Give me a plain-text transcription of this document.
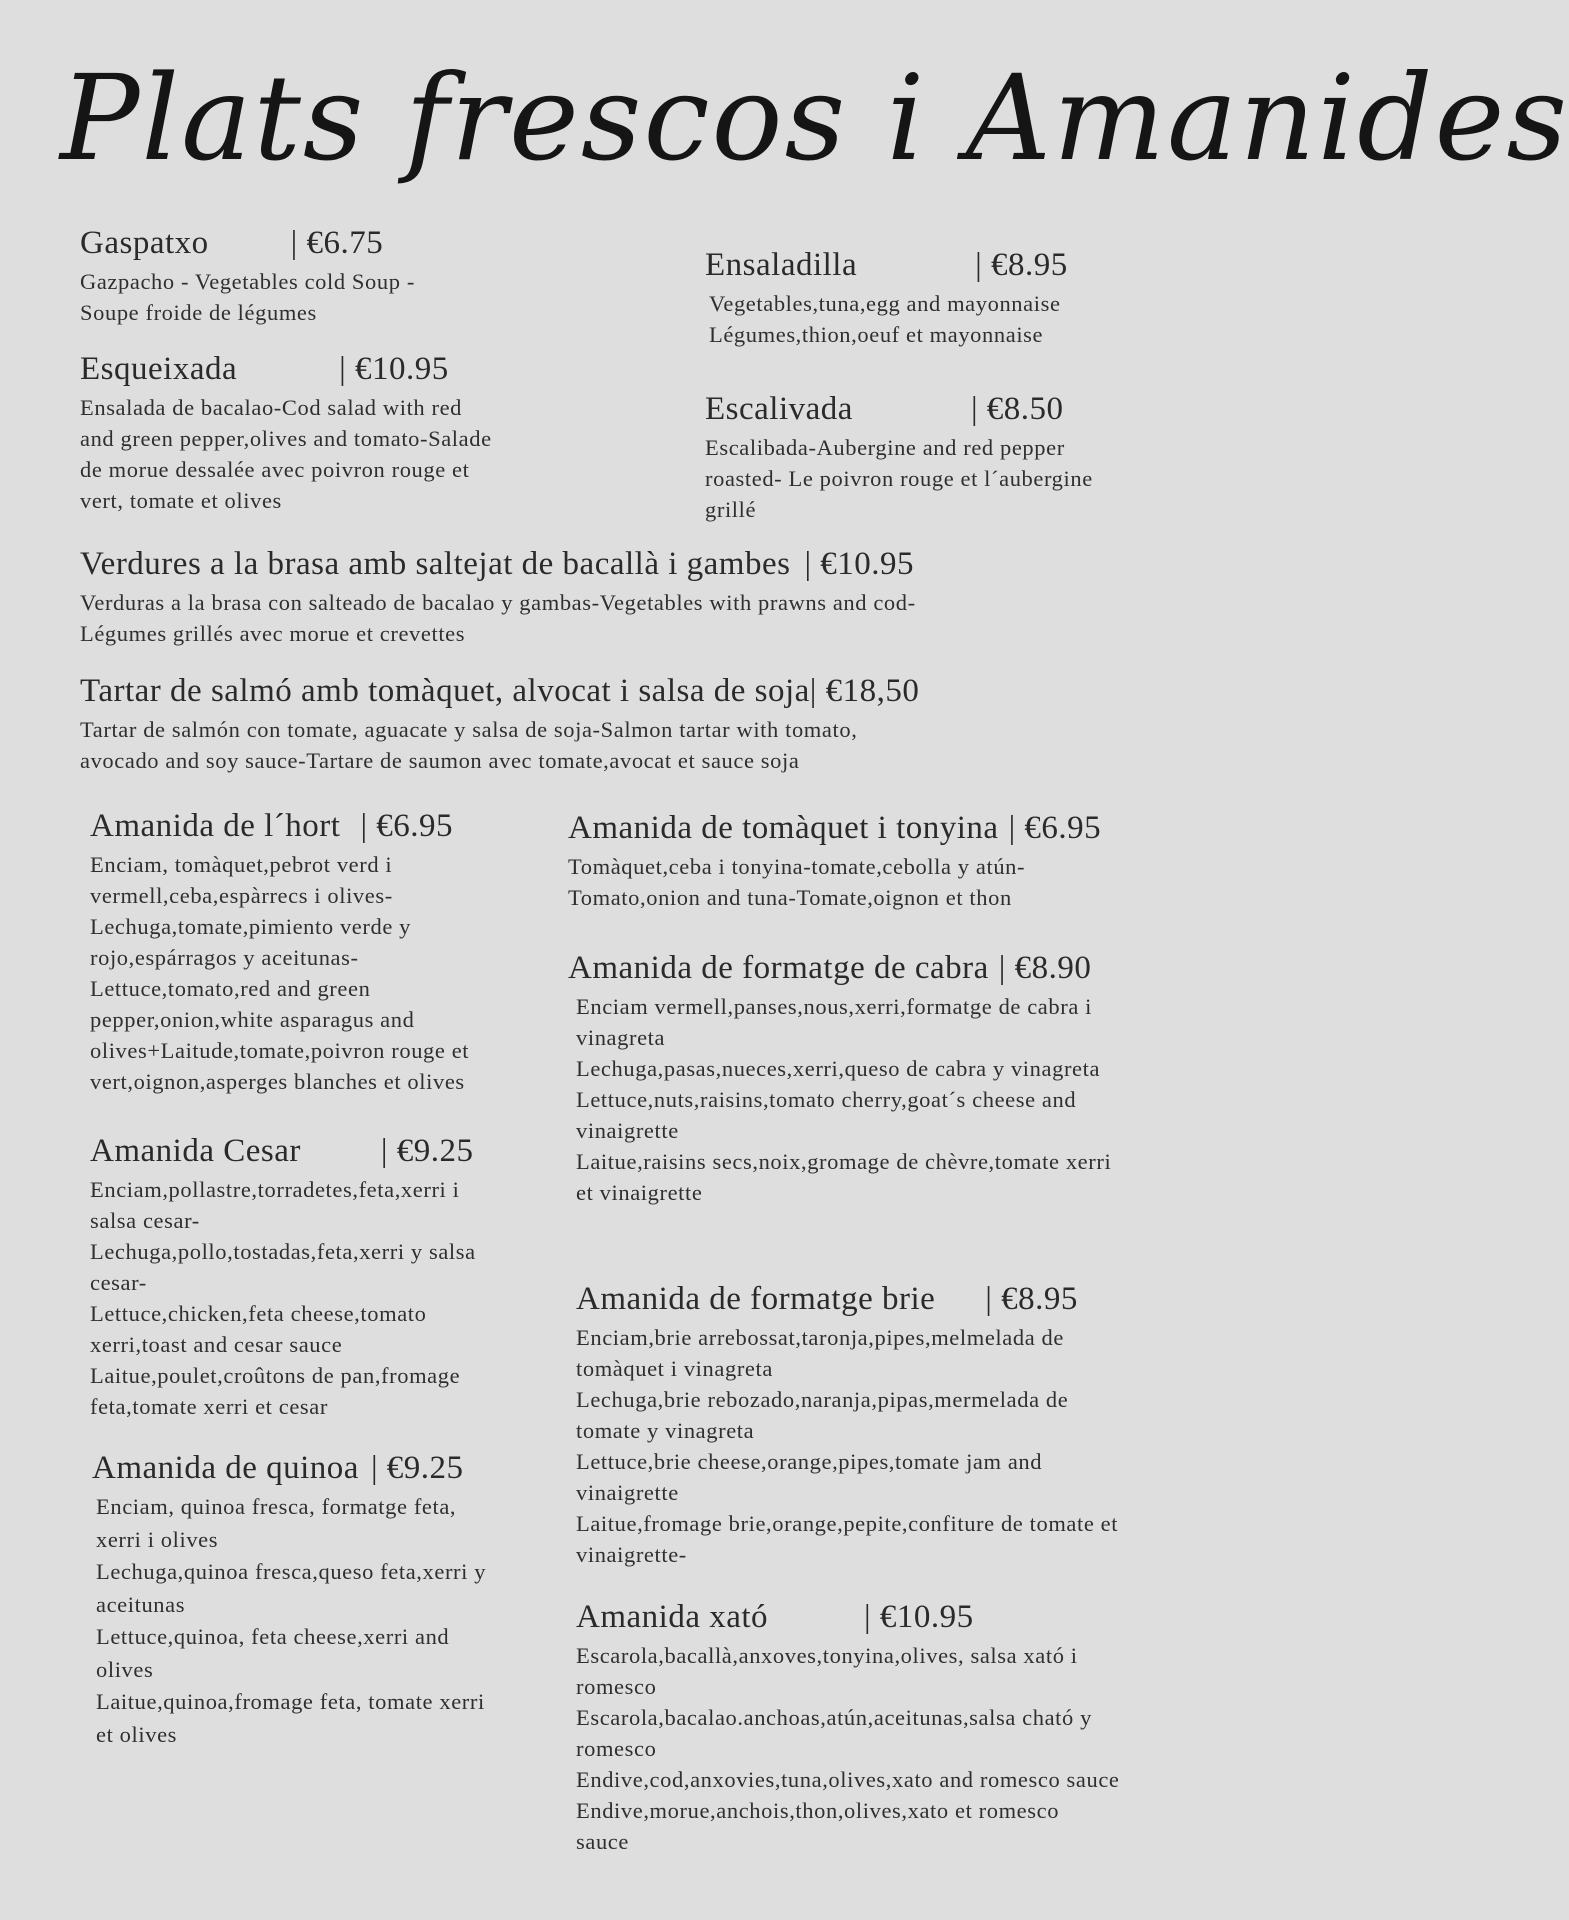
Plats frescos i Amanides
Gaspatxo | €6.75
Gazpacho - Vegetables cold Soup -
Soupe froide de légumes
Esqueixada	| €10.95
Ensalada de bacalao-Cod salad with red
and green pepper,olives and tomato-Salade
de morue dessalée avec poivron rouge et
vert, tomate et olives
Ensaladilla	| €8.95
Vegetables,tuna,egg and mayonnaise
Légumes,thion,oeuf et mayonnaise
Escalivada	| €8.50
Escalibada-Aubergine and red pepper
roasted- Le poivron rouge et l´aubergine
grillé
Verdures a la brasa amb saltejat de bacallà i gambes | €10.95
Verduras a la brasa con salteado de bacalao y gambas-Vegetables with prawns and cod-
Légumes grillés avec morue et crevettes
Tartar de salmó amb tomàquet, alvocat i salsa de soja| €18,50
Tartar de salmón con tomate, aguacate y salsa de soja-Salmon tartar with tomato,
avocado and soy sauce-Tartare de saumon avec tomate,avocat et sauce soja
Amanida de l´hort | €6.95
Enciam, tomàquet,pebrot verd i
vermell,ceba,espàrrecs i olives-
Lechuga,tomate,pimiento verde y
rojo,espárragos y aceitunas-
Lettuce,tomato,red and green
pepper,onion,white asparagus and
olives+Laitude,tomate,poivron rouge et
vert,oignon,asperges blanches et olives
Amanida Cesar | €9.25
Enciam,pollastre,torradetes,feta,xerri i
salsa cesar-
Lechuga,pollo,tostadas,feta,xerri y salsa
cesar-
Lettuce,chicken,feta cheese,tomato
xerri,toast and cesar sauce
Laitue,poulet,croûtons de pan,fromage
feta,tomate xerri et cesar
Amanida de quinoa | €9.25
Enciam, quinoa fresca, formatge feta,
xerri i olives
Lechuga,quinoa fresca,queso feta,xerri y
aceitunas
Lettuce,quinoa, feta cheese,xerri and
olives
Laitue,quinoa,fromage feta, tomate xerri
et olives
Amanida de tomàquet i tonyina | €6.95
Tomàquet,ceba i tonyina-tomate,cebolla y atún-
Tomato,onion and tuna-Tomate,oignon et thon
Amanida de formatge de cabra | €8.90
Enciam vermell,panses,nous,xerri,formatge de cabra i
vinagreta
Lechuga,pasas,nueces,xerri,queso de cabra y vinagreta
Lettuce,nuts,raisins,tomato cherry,goat´s cheese and
vinaigrette
Laitue,raisins secs,noix,gromage de chèvre,tomate xerri
et vinaigrette
Amanida de formatge brie | €8.95
Enciam,brie arrebossat,taronja,pipes,melmelada de
tomàquet i vinagreta
Lechuga,brie rebozado,naranja,pipas,mermelada de
tomate y vinagreta
Lettuce,brie cheese,orange,pipes,tomate jam and
vinaigrette
Laitue,fromage brie,orange,pepite,confiture de tomate et
vinaigrette-
Amanida xató	| €10.95
Escarola,bacallà,anxoves,tonyina,olives, salsa xató i
romesco
Escarola,bacalao.anchoas,atún,aceitunas,salsa cható y
romesco
Endive,cod,anxovies,tuna,olives,xato and romesco sauce
Endive,morue,anchois,thon,olives,xato et romesco
sauce
